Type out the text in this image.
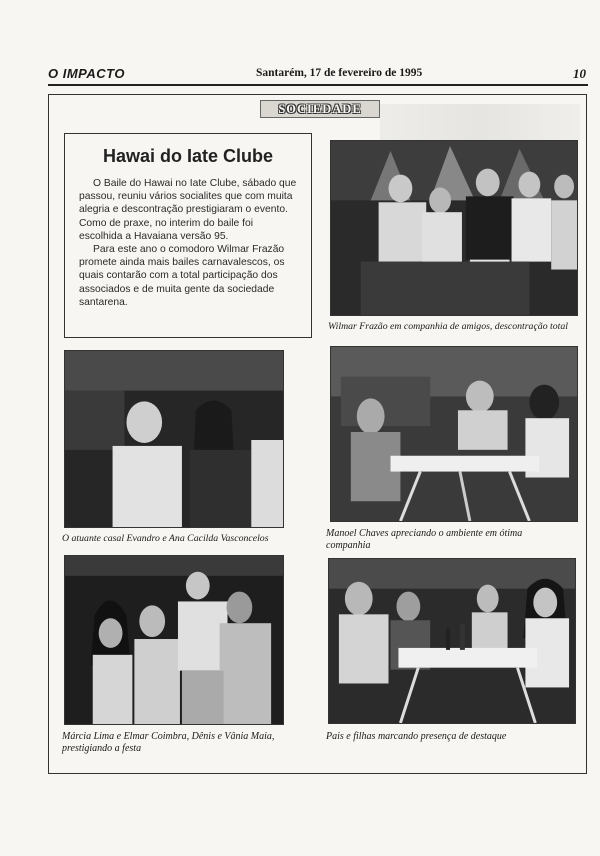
O IMPACTO	Santarém, 17 de fevereiro de 1995	10
SOCIEDADE
Hawai do Iate Clube

O Baile do Hawai no Iate Clube, sábado que passou, reuniu vários socialites que com muita alegria e descontração prestigiaram o evento. Como de praxe, no interim do baile foi escolhida a Havaiana versão 95.

Para este ano o comodoro Wilmar Frazão promete ainda mais bailes carnavalescos, os quais contarão com a total participação dos associados e de muita gente da sociedade santarena.

Wilmar Frazão em companhia de amigos, descontração total
O atuante casal Evandro e Ana Cacilda Vasconcelos	Manoel Chaves apreciando o ambiente em ótima
companhia
Márcia Lima e Elmar Coimbra, Dênis e Vânia Maia,
prestigiando a festa
Pais e filhas marcando presença de destaque
